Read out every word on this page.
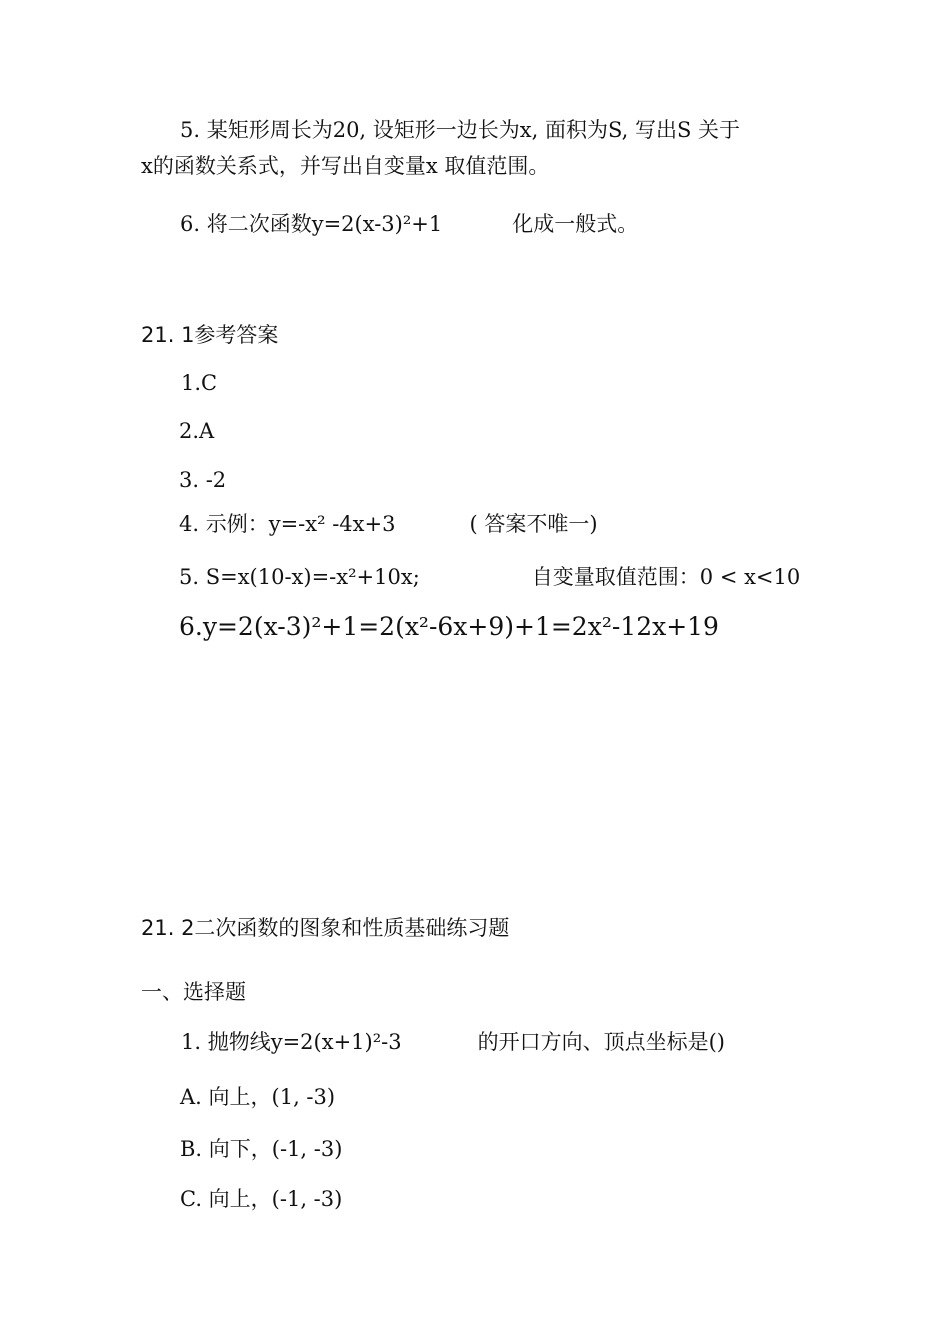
5. 某矩形周长为20, 设矩形一边长为x, 面积为S, 写出S 关于
x的函数关系式，并写出自变量x 取值范围。
6. 将二次函数y=2(x-3)²+1	化成一般式。
21. 1参考答案
1.C
2.A
3. -2
4. 示例：y=-x² -4x+3	( 答案不唯一)
5. S=x(10-x)=-x²+10x;	自变量取值范围：0 < x<10
6.y=2(x-3)²+1=2(x²-6x+9)+1=2x²-12x+19
21. 2二次函数的图象和性质基础练习题
一、选择题
1. 抛物线y=2(x+1)²-3	的开口方向、顶点坐标是()
A. 向上，(1, -3)
B. 向下，(-1, -3)
C. 向上，(-1, -3)
